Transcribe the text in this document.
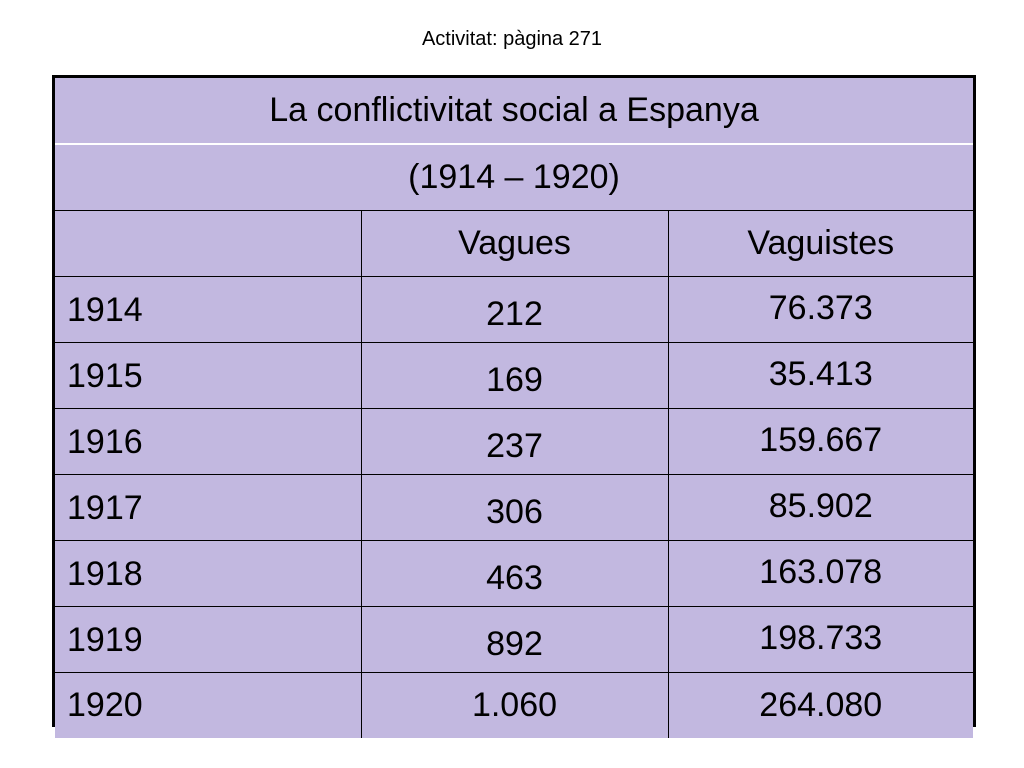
Activitat: pàgina 271
La conflictivitat social a Espanya		
(1914 – 1920)		
	Vagues	Vaguistes
1914	212	76.373
1915	169	35.413
1916	237	159.667
1917	306	85.902
1918	463	163.078
1919	892	198.733
1920	1.060	264.080
